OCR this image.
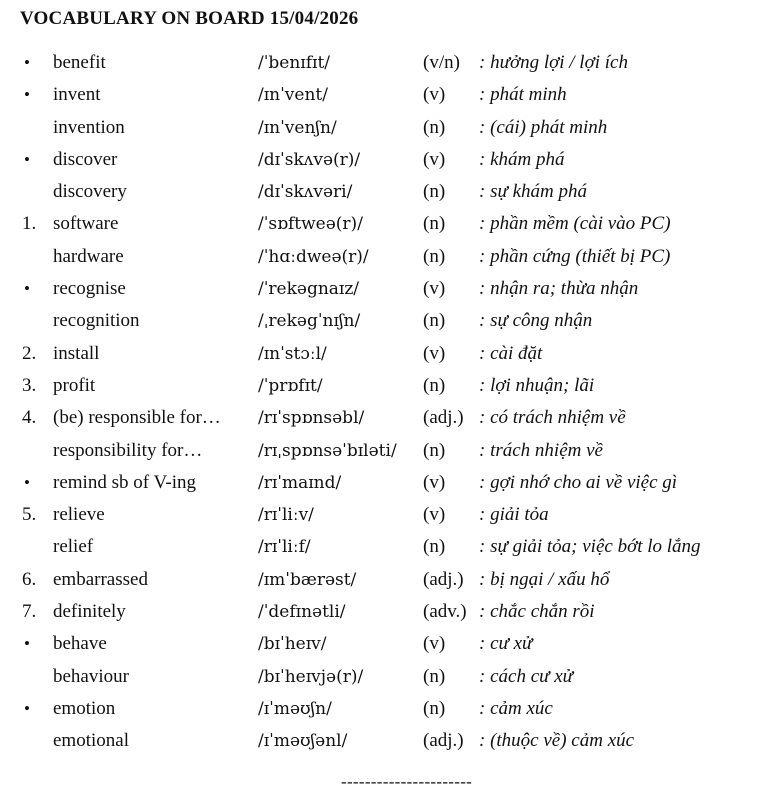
VOCABULARY ON BOARD 15/04/2026
•	benefit	/ˈbenɪfɪt/	(v/n) : hưởng lợi / lợi ích
•	invent	/ɪnˈvent/	(v) : phát minh
invention	/ɪnˈvenʃn/	(n) : (cái) phát minh
•	discover	/dɪˈskʌvə(r)/	(v) : khám phá
discovery	/dɪˈskʌvəri/	(n) : sự khám phá
1. software	/ˈsɒftweə(r)/	(n) : phần mềm (cài vào PC)
hardware	/ˈhɑːdweə(r)/	(n) : phần cứng (thiết bị PC)
•	recognise	/ˈrekəgnaɪz/	(v) : nhận ra; thừa nhận
recognition	/ˌrekəgˈnɪʃn/	(n) : sự công nhận
2. install	/ɪnˈstɔːl/	(v) : cài đặt
3. profit	/ˈprɒfɪt/	(n) : lợi nhuận; lãi
4. (be) responsible for… /rɪˈspɒnsəbl/	(adj.) : có trách nhiệm về
responsibility for…	/rɪˌspɒnsəˈbɪləti/ (n) : trách nhiệm về
•	remind sb of V-ing	/rɪˈmaɪnd/	(v) : gợi nhớ cho ai về việc gì
5. relieve	/rɪˈliːv/	(v) : giải tỏa
relief	/rɪˈliːf/	(n) : sự giải tỏa; việc bớt lo lắng
6. embarrassed	/ɪmˈbærəst/	(adj.) : bị ngại / xấu hổ
7. definitely	/ˈdefɪnətli/	(adv.) : chắc chắn rồi
•	behave	/bɪˈheɪv/	(v) : cư xử
behaviour	/bɪˈheɪvjə(r)/	(n) : cách cư xử
•	emotion	/ɪˈməʊʃn/	(n) : cảm xúc
emotional	/ɪˈməʊʃənl/	(adj.) : (thuộc về) cảm xúc
----------------------
